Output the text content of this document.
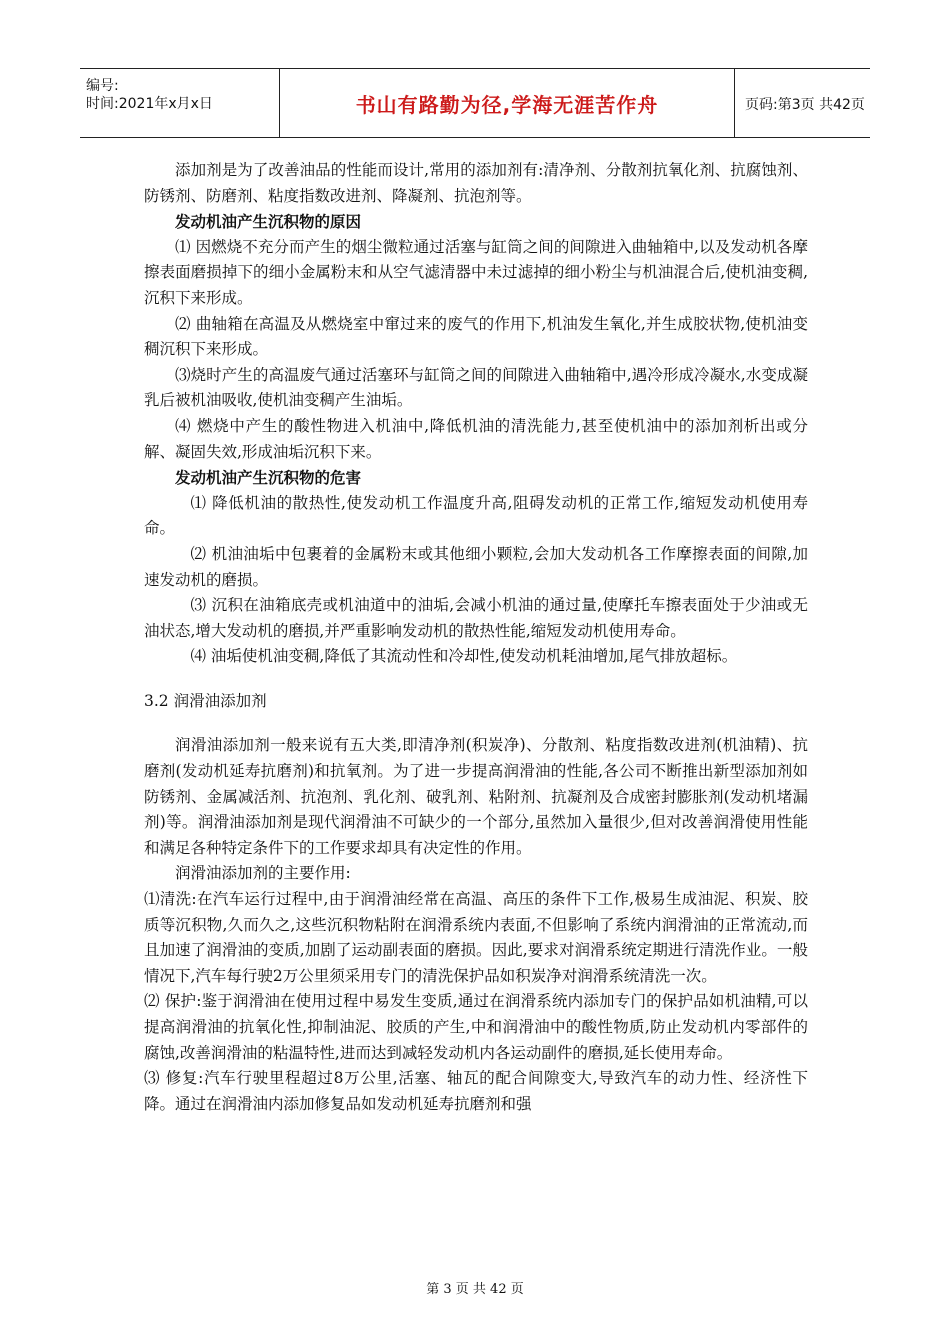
编号:
时间:2021年x月x日	书山有路勤为径,学海无涯苦作舟	页码:第3页 共42页

添加剂是为了改善油品的性能而设计,常用的添加剂有:清净剂、分散剂抗氧化剂、抗腐蚀剂、防锈剂、防磨剂、粘度指数改进剂、降凝剂、抗泡剂等。

发动机油产生沉积物的原因

⑴ 因燃烧不充分而产生的烟尘微粒通过活塞与缸筒之间的间隙进入曲轴箱中,以及发动机各摩擦表面磨损掉下的细小金属粉末和从空气滤清器中未过滤掉的细小粉尘与机油混合后,使机油变稠,沉积下来形成。

⑵ 曲轴箱在高温及从燃烧室中窜过来的废气的作用下,机油发生氧化,并生成胶状物,使机油变稠沉积下来形成。

⑶烧时产生的高温废气通过活塞环与缸筒之间的间隙进入曲轴箱中,遇冷形成冷凝水,水变成凝乳后被机油吸收,使机油变稠产生油垢。

⑷ 燃烧中产生的酸性物进入机油中,降低机油的清洗能力,甚至使机油中的添加剂析出或分解、凝固失效,形成油垢沉积下来。

发动机油产生沉积物的危害

⑴ 降低机油的散热性,使发动机工作温度升高,阻碍发动机的正常工作,缩短发动机使用寿命。

⑵ 机油油垢中包裹着的金属粉末或其他细小颗粒,会加大发动机各工作摩擦表面的间隙,加速发动机的磨损。

⑶ 沉积在油箱底壳或机油道中的油垢,会减小机油的通过量,使摩托车擦表面处于少油或无油状态,增大发动机的磨损,并严重影响发动机的散热性能,缩短发动机使用寿命。

⑷ 油垢使机油变稠,降低了其流动性和冷却性,使发动机耗油增加,尾气排放超标。

3.2 润滑油添加剂

润滑油添加剂一般来说有五大类,即清净剂(积炭净)、分散剂、粘度指数改进剂(机油精)、抗磨剂(发动机延寿抗磨剂)和抗氧剂。为了进一步提高润滑油的性能,各公司不断推出新型添加剂如防锈剂、金属减活剂、抗泡剂、乳化剂、破乳剂、粘附剂、抗凝剂及合成密封膨胀剂(发动机堵漏剂)等。润滑油添加剂是现代润滑油不可缺少的一个部分,虽然加入量很少,但对改善润滑使用性能和满足各种特定条件下的工作要求却具有决定性的作用。

润滑油添加剂的主要作用:

⑴清洗:在汽车运行过程中,由于润滑油经常在高温、高压的条件下工作,极易生成油泥、积炭、胶质等沉积物,久而久之,这些沉积物粘附在润滑系统内表面,不但影响了系统内润滑油的正常流动,而且加速了润滑油的变质,加剧了运动副表面的磨损。因此,要求对润滑系统定期进行清洗作业。一般情况下,汽车每行驶2万公里须采用专门的清洗保护品如积炭净对润滑系统清洗一次。

⑵ 保护:鉴于润滑油在使用过程中易发生变质,通过在润滑系统内添加专门的保护品如机油精,可以提高润滑油的抗氧化性,抑制油泥、胶质的产生,中和润滑油中的酸性物质,防止发动机内零部件的腐蚀,改善润滑油的粘温特性,进而达到减轻发动机内各运动副件的磨损,延长使用寿命。

⑶ 修复:汽车行驶里程超过8万公里,活塞、轴瓦的配合间隙变大,导致汽车的动力性、经济性下降。通过在润滑油内添加修复品如发动机延寿抗磨剂和强

第 3 页 共 42 页
